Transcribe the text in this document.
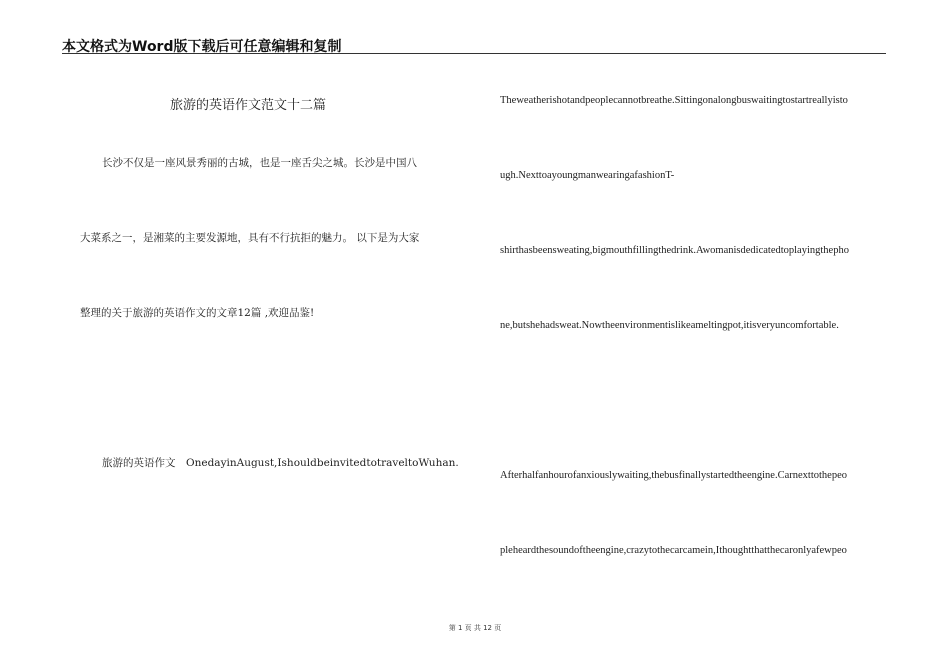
本文格式为Word版下载后可任意编辑和复制
旅游的英语作文范文十二篇
长沙不仅是一座风景秀丽的古城，也是一座舌尖之城。长沙是中国八
大菜系之一，是湘菜的主要发源地，具有不行抗拒的魅力。 以下是为大家
整理的关于旅游的英语作文的文章12篇 ,欢迎品鉴!
旅游的英语作文　OnedayinAugust,IshouldbeinvitedtotraveltoWuhan.
Theweatherishotandpeoplecannotbreathe.Sittingonalongbuswaitingtostartreallyisto
ugh.NexttoayoungmanwearingafashionT-
shirthasbeensweating,bigmouthfillingthedrink.Awomanisdedicatedtoplayingthepho
ne,butshehadsweat.Nowtheenvironmentislikeameltingpot,itisveryuncomfortable.
Afterhalfanhourofanxiouslywaiting,thebusfinallystartedtheengine.Carnexttothepeo
pleheardthesoundoftheengine,crazytothecarcamein,Ithoughtthatthecaronlyafewpeo
第 1 页 共 12 页
